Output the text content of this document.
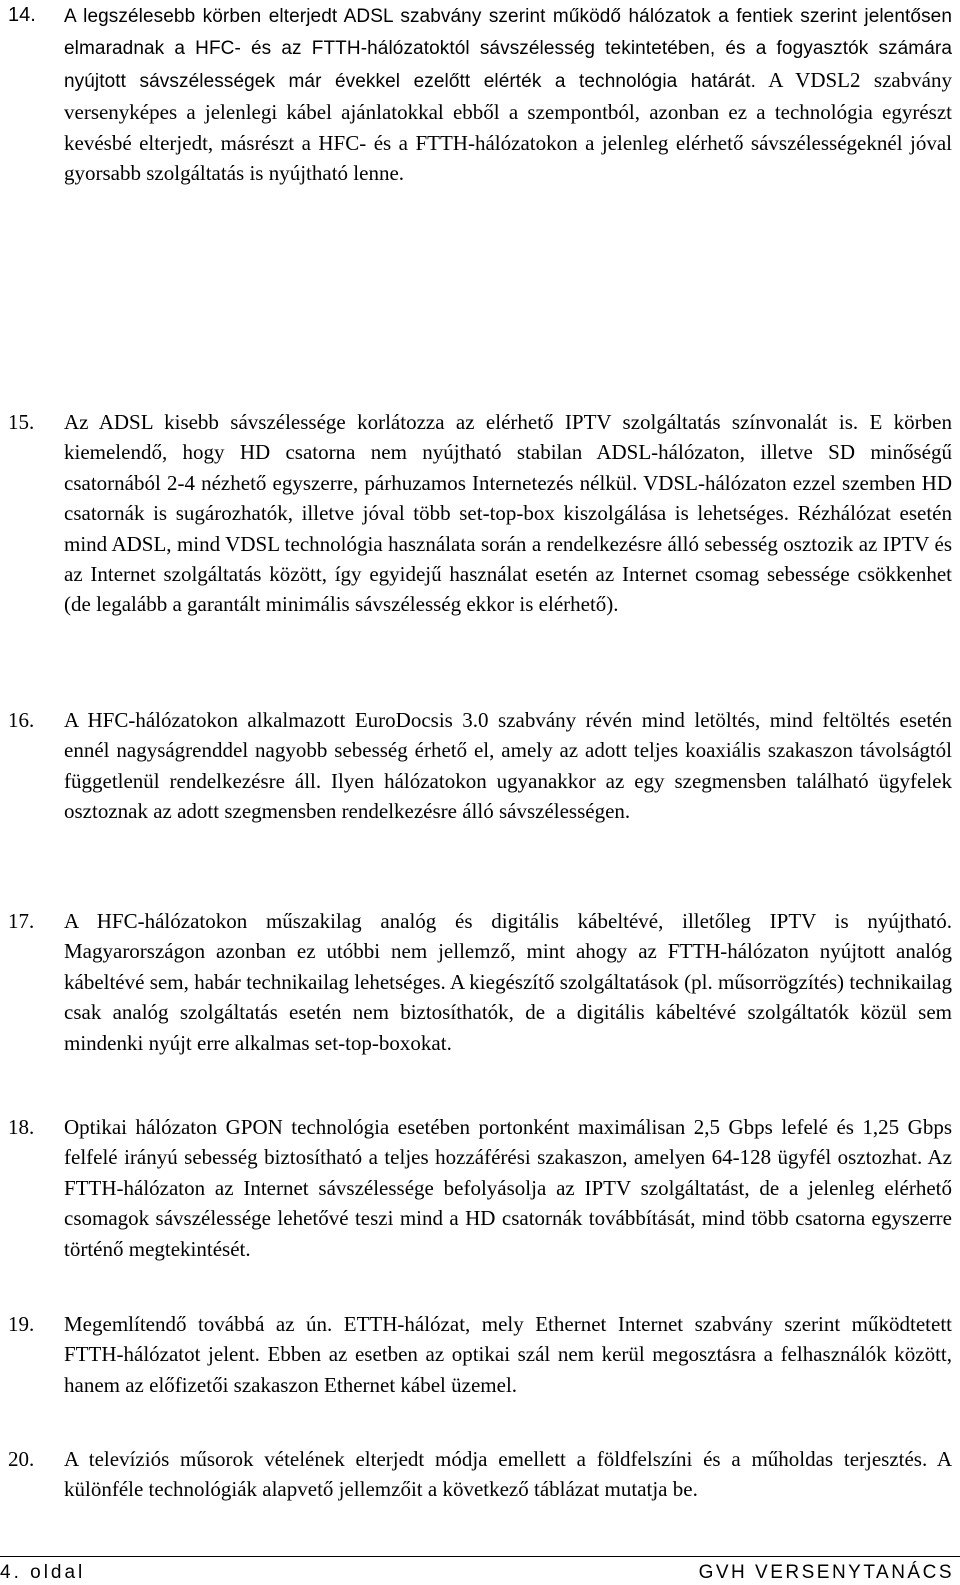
14. A legszélesebb körben elterjedt ADSL szabvány szerint működő hálózatok a fentiek szerint jelentősen elmaradnak a HFC- és az FTTH-hálózatoktól sávszélesség tekintetében, és a fogyasztók számára nyújtott sávszélességek már évekkel ezelőtt elérték a technológia határát. A VDSL2 szabvány versenyképes a jelenlegi kábel ajánlatokkal ebből a szempontból, azonban ez a technológia egyrészt kevésbé elterjedt, másrészt a HFC- és a FTTH-hálózatokon a jelenleg elérhető sávszélességeknél jóval gyorsabb szolgáltatás is nyújtható lenne.
15. Az ADSL kisebb sávszélessége korlátozza az elérhető IPTV szolgáltatás színvonalát is. E körben kiemelendő, hogy HD csatorna nem nyújtható stabilan ADSL-hálózaton, illetve SD minőségű csatornából 2-4 nézhető egyszerre, párhuzamos Internetezés nélkül. VDSL-hálózaton ezzel szemben HD csatornák is sugározhatók, illetve jóval több set-top-box kiszolgálása is lehetséges. Rézhálózat esetén mind ADSL, mind VDSL technológia használata során a rendelkezésre álló sebesség osztozik az IPTV és az Internet szolgáltatás között, így egyidejű használat esetén az Internet csomag sebessége csökkenhet (de legalább a garantált minimális sávszélesség ekkor is elérhető).
16. A HFC-hálózatokon alkalmazott EuroDocsis 3.0 szabvány révén mind letöltés, mind feltöltés esetén ennél nagyságrenddel nagyobb sebesség érhető el, amely az adott teljes koaxiális szakaszon távolságtól függetlenül rendelkezésre áll. Ilyen hálózatokon ugyanakkor az egy szegmensben található ügyfelek osztoznak az adott szegmensben rendelkezésre álló sávszélességen.
17. A HFC-hálózatokon műszakilag analóg és digitális kábeltévé, illetőleg IPTV is nyújtható. Magyarországon azonban ez utóbbi nem jellemző, mint ahogy az FTTH-hálózaton nyújtott analóg kábeltévé sem, habár technikailag lehetséges. A kiegészítő szolgáltatások (pl. műsorrögzítés) technikailag csak analóg szolgáltatás esetén nem biztosíthatók, de a digitális kábeltévé szolgáltatók közül sem mindenki nyújt erre alkalmas set-top-boxokat.
18. Optikai hálózaton GPON technológia esetében portonként maximálisan 2,5 Gbps lefelé és 1,25 Gbps felfelé irányú sebesség biztosítható a teljes hozzáférési szakaszon, amelyen 64-128 ügyfél osztozhat. Az FTTH-hálózaton az Internet sávszélessége befolyásolja az IPTV szolgáltatást, de a jelenleg elérhető csomagok sávszélessége lehetővé teszi mind a HD csatornák továbbítását, mind több csatorna egyszerre történő megtekintését.
19. Megemlítendő továbbá az ún. ETTH-hálózat, mely Ethernet Internet szabvány szerint működtetett FTTH-hálózatot jelent. Ebben az esetben az optikai szál nem kerül megosztásra a felhasználók között, hanem az előfizetői szakaszon Ethernet kábel üzemel.
20. A televíziós műsorok vételének elterjedt módja emellett a földfelszíni és a műholdas terjesztés. A különféle technológiák alapvető jellemzőit a következő táblázat mutatja be.
4. oldal	GVH VERSENYTANÁCS
